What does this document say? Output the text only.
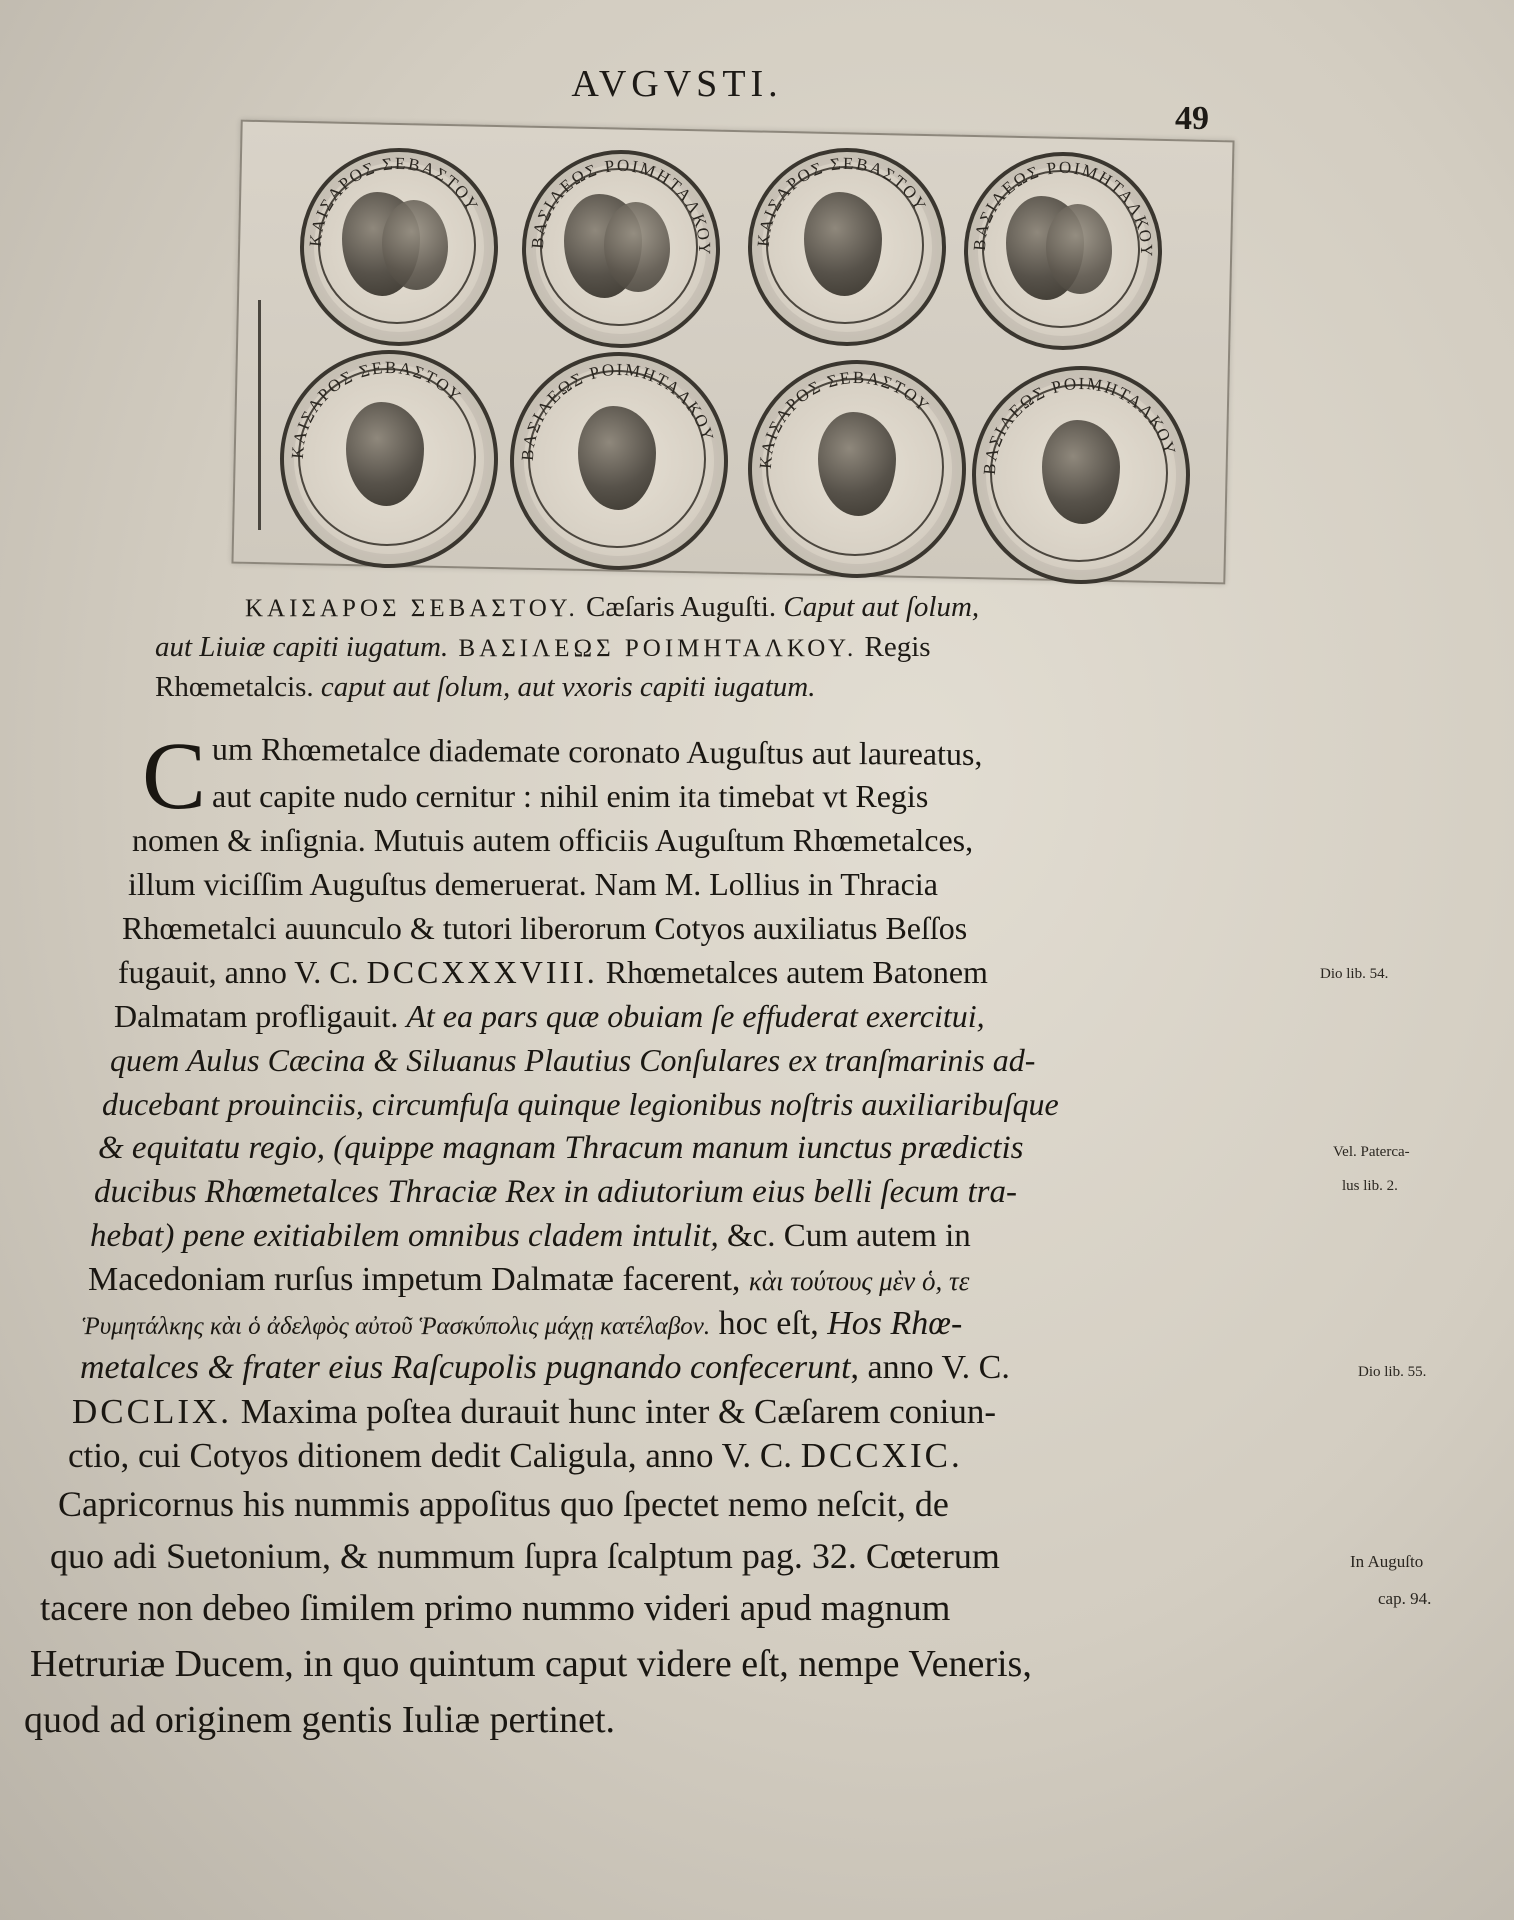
AVGVSTI.
49
ΚΑΙΣΑΡΟΣ ΣΕΒΑΣΤΟΥ
ΒΑΣΙΛΕΩΣ ΡΟΙΜΗΤΑΛΚΟΥ
ΚΑΙΣΑΡΟΣ ΣΕΒΑΣΤΟΥ
ΒΑΣΙΛΕΩΣ ΡΟΙΜΗΤΑΛΚΟΥ
ΚΑΙΣΑΡΟΣ ΣΕΒΑΣΤΟΥ
ΒΑΣΙΛΕΩΣ ΡΟΙΜΗΤΑΛΚΟΥ
ΚΑΙΣΑΡΟΣ ΣΕΒΑΣΤΟΥ
ΒΑΣΙΛΕΩΣ ΡΟΙΜΗΤΑΛΚΟΥ
ΚΑΙΣΑΡΟΣ ΣΕΒΑΣΤΟΥ. Cæſaris Auguſti. Caput aut ſolum,
aut Liuiæ capiti iugatum. ΒΑΣΙΛΕΩΣ ΡΟΙΜΗΤΑΛΚΟΥ. Regis
Rhœmetalcis. caput aut ſolum, aut vxoris capiti iugatum.
C um Rhœmetalce diademate coronato Auguſtus aut laureatus,
aut capite nudo cernitur : nihil enim ita timebat vt Regis
nomen & inſignia. Mutuis autem officiis Auguſtum Rhœmetalces,
illum viciſſim Auguſtus demeruerat. Nam M. Lollius in Thracia
Rhœmetalci auunculo & tutori liberorum Cotyos auxiliatus Beſſos
fugauit, anno V. C. DCCXXXVIII. Rhœmetalces autem Batonem	Dio lib. 54.
Dalmatam profligauit. At ea pars quæ obuiam ſe effuderat exercitui,
quem Aulus Cæcina & Siluanus Plautius Conſulares ex tranſmarinis ad-
ducebant prouinciis, circumfuſa quinque legionibus noſtris auxiliaribuſque
& equitatu regio, (quippe magnam Thracum manum iunctus prædictis	Vel. Paterca-
ducibus Rhœmetalces Thraciæ Rex in adiutorium eius belli ſecum tra-	lus lib. 2.
hebat) pene exitiabilem omnibus cladem intulit, &c. Cum autem in
Macedoniam rurſus impetum Dalmatæ facerent, κὰι τούτους μὲν ὁ, τε
Ῥυμητάλκης κὰι ὁ ἀδελφὸς αὐτοῦ Ῥασκύπολις μάχῃ κατέλαβον. hoc eſt, Hos Rhœ-
metalces & frater eius Raſcupolis pugnando confecerunt, anno V. C.	Dio lib. 55.
DCCLIX. Maxima poſtea durauit hunc inter & Cæſarem coniun-
ctio, cui Cotyos ditionem dedit Caligula, anno V. C. DCCXIC.
Capricornus his nummis appoſitus quo ſpectet nemo neſcit, de
quo adi Suetonium, & nummum ſupra ſcalptum pag. 32. Cœterum	In Auguſto
tacere non debeo ſimilem primo nummo videri apud magnum	cap. 94.
Hetruriæ Ducem, in quo quintum caput videre eſt, nempe Veneris,
quod ad originem gentis Iuliæ pertinet.
